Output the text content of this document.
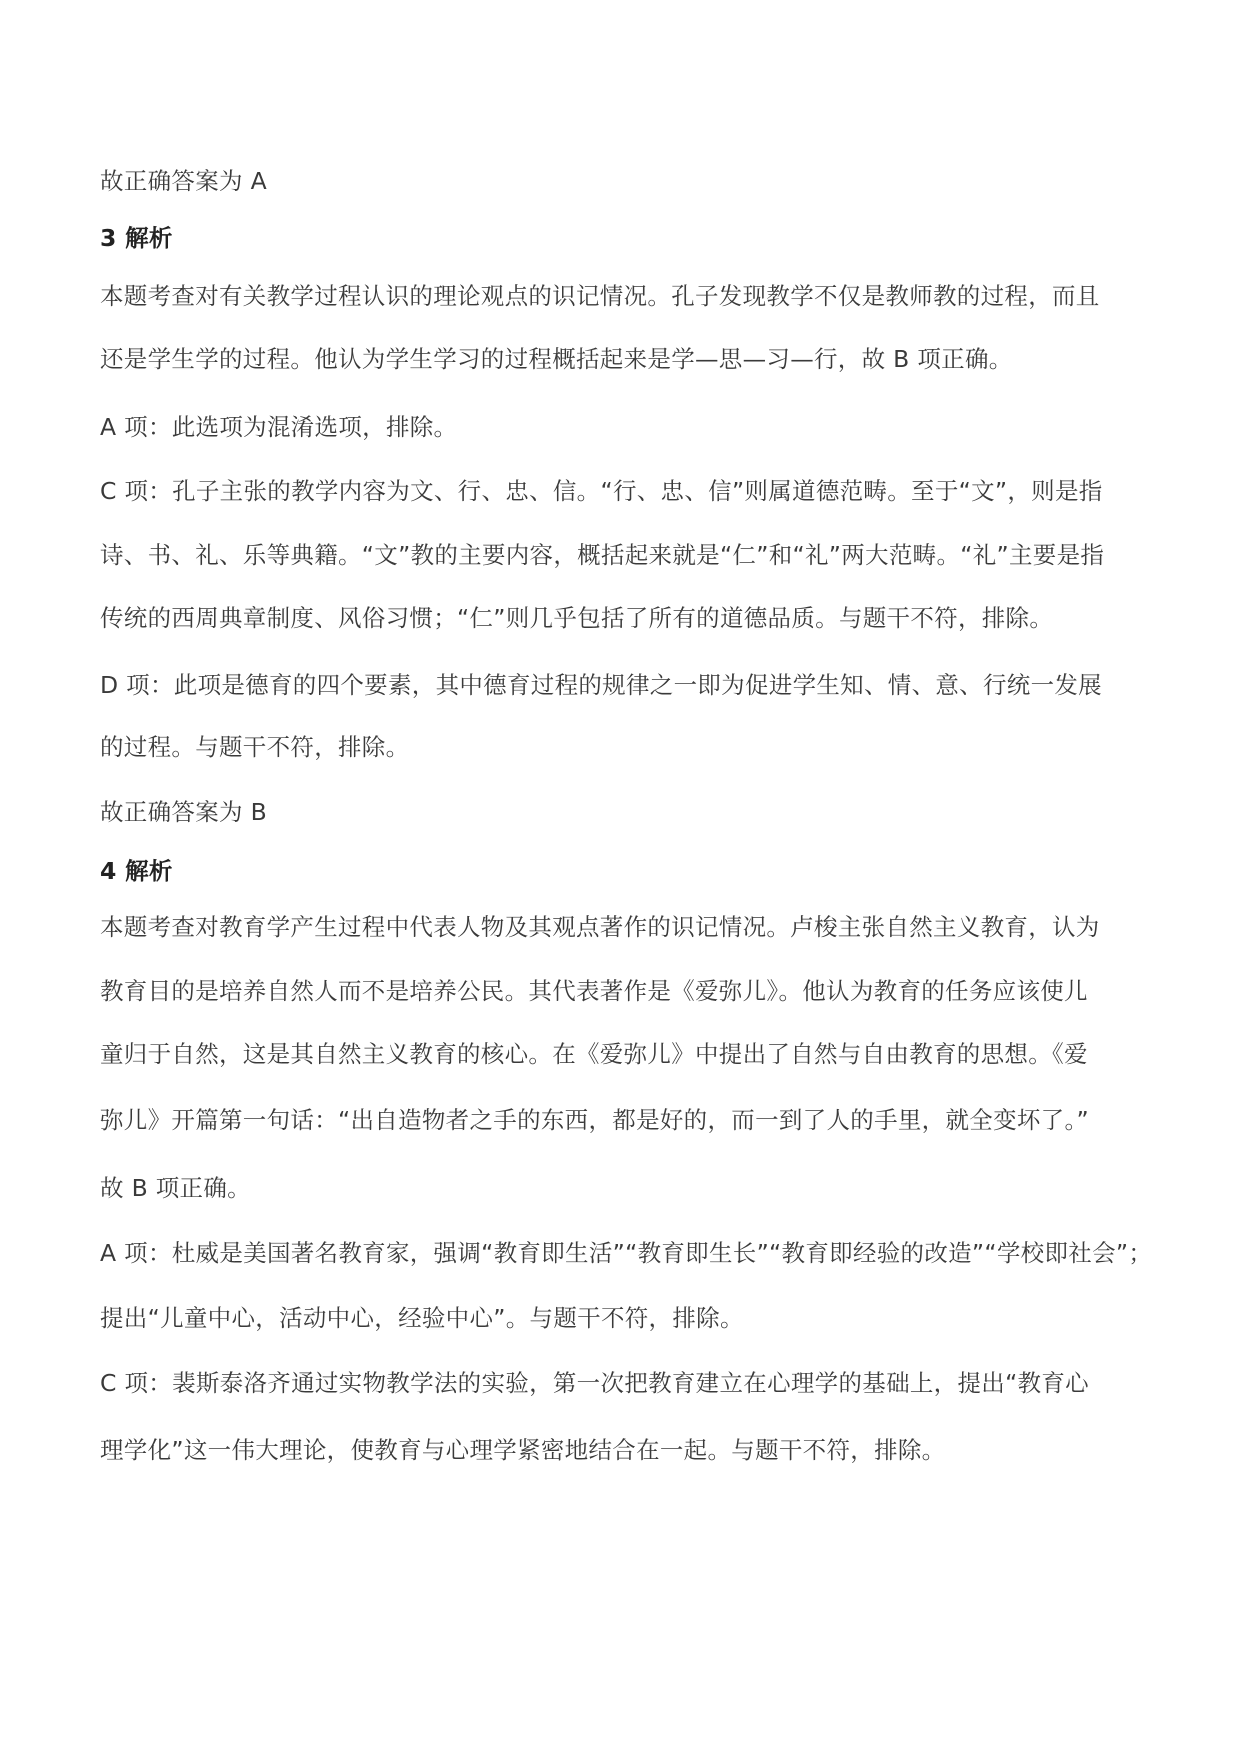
故正确答案为 A
3 解析
本题考查对有关教学过程认识的理论观点的识记情况。孔子发现教学不仅是教师教的过程，而且
还是学生学的过程。他认为学生学习的过程概括起来是学—思—习—行，故 B 项正确。
A 项：此选项为混淆选项，排除。
C 项：孔子主张的教学内容为文、行、忠、信。“行、忠、信”则属道德范畴。至于“文”，则是指
诗、书、礼、乐等典籍。“文”教的主要内容，概括起来就是“仁”和“礼”两大范畴。“礼”主要是指
传统的西周典章制度、风俗习惯；“仁”则几乎包括了所有的道德品质。与题干不符，排除。
D 项：此项是德育的四个要素，其中德育过程的规律之一即为促进学生知、情、意、行统一发展
的过程。与题干不符，排除。
故正确答案为 B
4 解析
本题考查对教育学产生过程中代表人物及其观点著作的识记情况。卢梭主张自然主义教育，认为
教育目的是培养自然人而不是培养公民。其代表著作是《爱弥儿》。他认为教育的任务应该使儿
童归于自然，这是其自然主义教育的核心。在《爱弥儿》中提出了自然与自由教育的思想。《爱
弥儿》开篇第一句话：“出自造物者之手的东西，都是好的，而一到了人的手里，就全变坏了。”
故 B 项正确。
A 项：杜威是美国著名教育家，强调“教育即生活”“教育即生长”“教育即经验的改造”“学校即社会”；
提出“儿童中心，活动中心，经验中心”。与题干不符，排除。
C 项：裴斯泰洛齐通过实物教学法的实验，第一次把教育建立在心理学的基础上，提出“教育心
理学化”这一伟大理论，使教育与心理学紧密地结合在一起。与题干不符，排除。
